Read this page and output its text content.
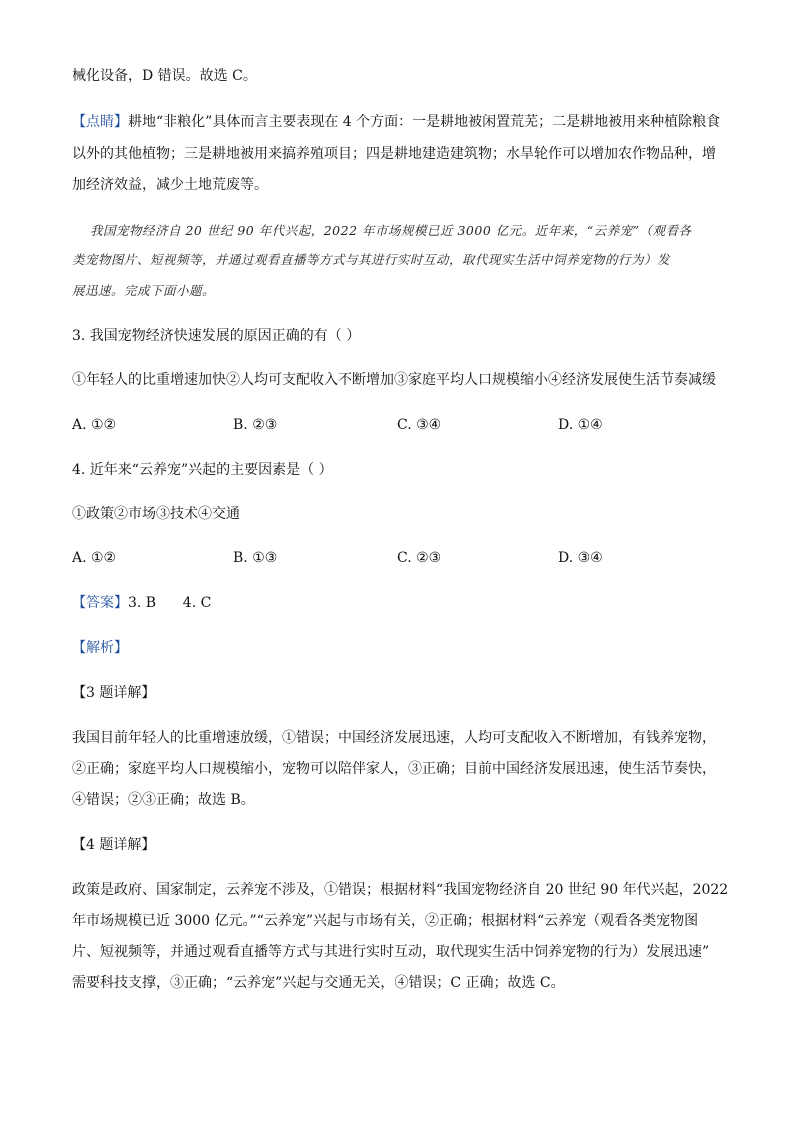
械化设备，D 错误。故选 C。
【点睛】耕地“非粮化”具体而言主要表现在 4 个方面：一是耕地被闲置荒芜；二是耕地被用来种植除粮食
以外的其他植物；三是耕地被用来搞养殖项目；四是耕地建造建筑物；水旱轮作可以增加农作物品种，增
加经济效益，减少土地荒废等。
我国宠物经济自 20 世纪 90 年代兴起，2022 年市场规模已近 3000 亿元。近年来，“云养宠”（观看各
类宠物图片、短视频等，并通过观看直播等方式与其进行实时互动，取代现实生活中饲养宠物的行为）发
展迅速。完成下面小题。
3. 我国宠物经济快速发展的原因正确的有（ ）
①年轻人的比重增速加快②人均可支配收入不断增加③家庭平均人口规模缩小④经济发展使生活节奏减缓
A. ①②	B. ②③	C. ③④	D. ①④
4. 近年来“云养宠”兴起的主要因素是（ ）
①政策②市场③技术④交通
A. ①②	B. ①③	C. ②③	D. ③④
【答案】3. B      4. C
【解析】
【3 题详解】
我国目前年轻人的比重增速放缓，①错误；中国经济发展迅速，人均可支配收入不断增加，有钱养宠物，
②正确；家庭平均人口规模缩小，宠物可以陪伴家人，③正确；目前中国经济发展迅速，使生活节奏快，
④错误；②③正确；故选 B。
【4 题详解】
政策是政府、国家制定，云养宠不涉及，①错误；根据材料“我国宠物经济自 20 世纪 90 年代兴起，2022
年市场规模已近 3000 亿元。”“云养宠”兴起与市场有关，②正确；根据材料“云养宠（观看各类宠物图
片、短视频等，并通过观看直播等方式与其进行实时互动，取代现实生活中饲养宠物的行为）发展迅速”
需要科技支撑，③正确；“云养宠”兴起与交通无关，④错误；C 正确；故选 C。
